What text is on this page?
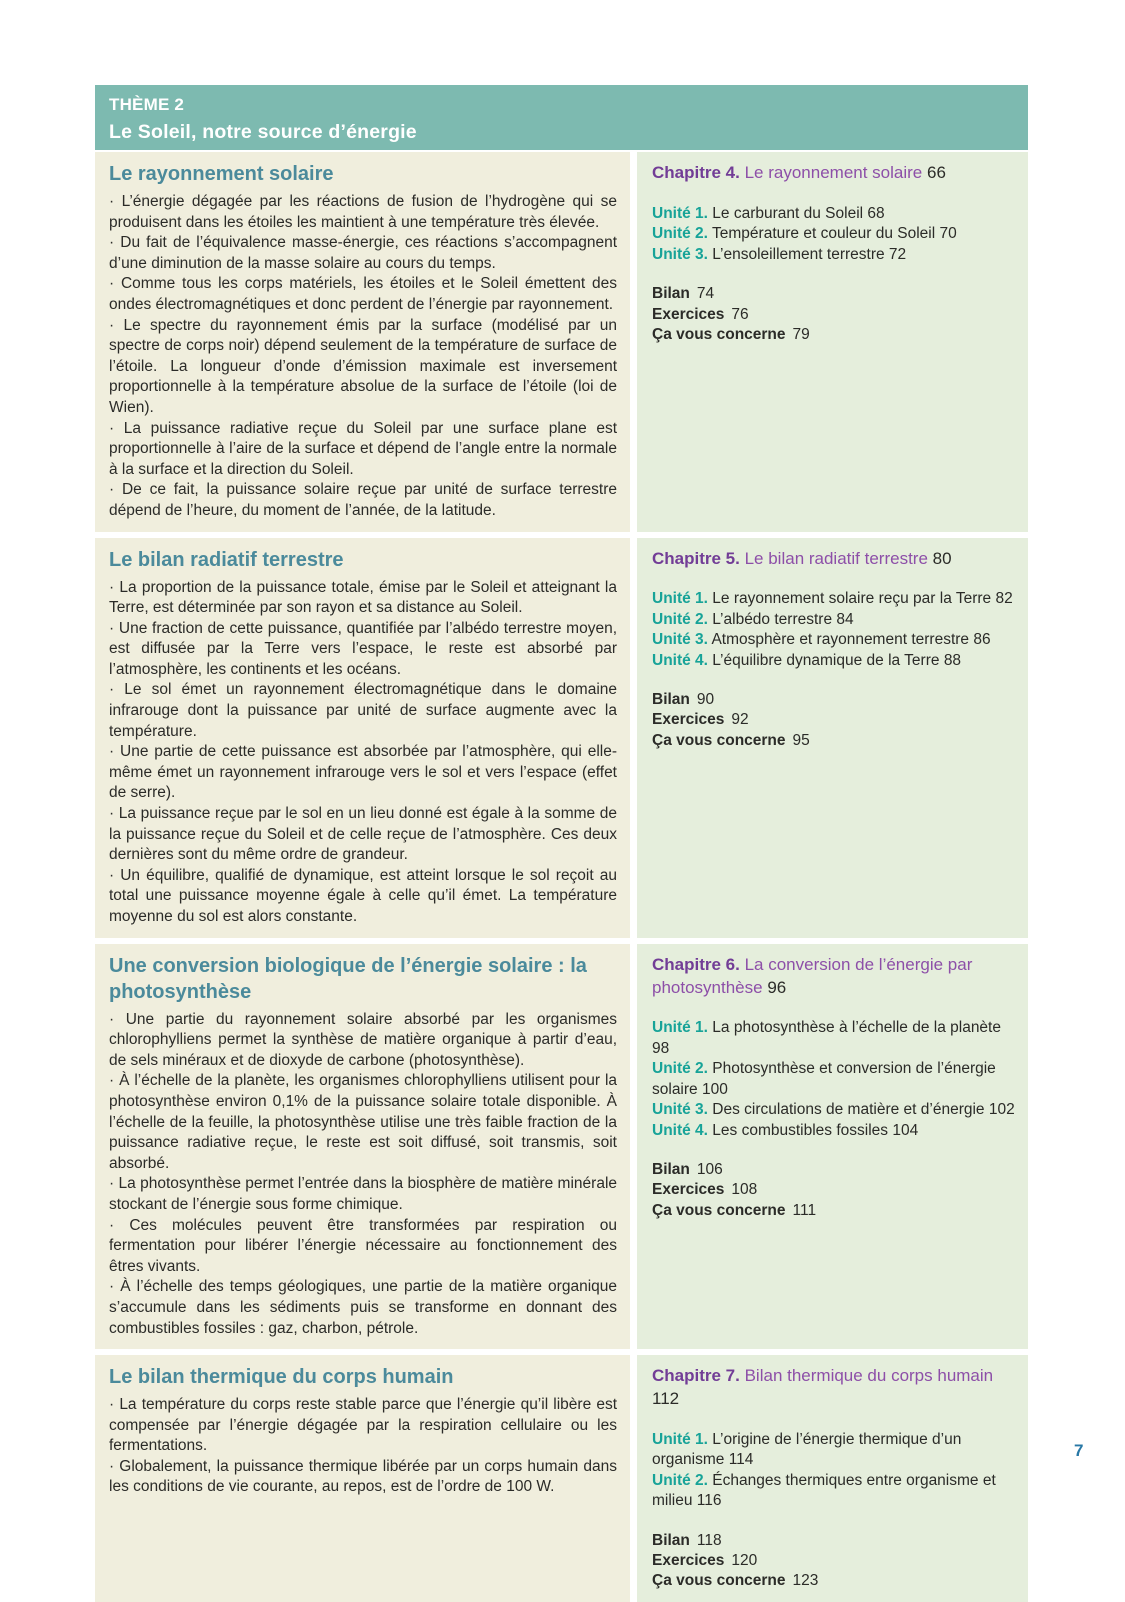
THÈME 2
Le Soleil, notre source d’énergie
Le rayonnement solaire

· L’énergie dégagée par les réactions de fusion de l’hydrogène qui se produisent dans les étoiles les maintient à une température très élevée.

· Du fait de l’équivalence masse-énergie, ces réactions s’accompagnent d’une diminution de la masse solaire au cours du temps.

· Comme tous les corps matériels, les étoiles et le Soleil émettent des ondes électromagnétiques et donc perdent de l’énergie par rayonnement.

· Le spectre du rayonnement émis par la surface (modélisé par un spectre de corps noir) dépend seulement de la température de surface de l’étoile. La longueur d’onde d’émission maximale est inversement proportionnelle à la température absolue de la surface de l’étoile (loi de Wien).

· La puissance radiative reçue du Soleil par une surface plane est proportionnelle à l’aire de la surface et dépend de l’angle entre la normale à la surface et la direction du Soleil.

· De ce fait, la puissance solaire reçue par unité de surface terrestre dépend de l’heure, du moment de l’année, de la latitude.

Chapitre 4. Le rayonnement solaire 66
Unité 1. Le carburant du Soleil 68
Unité 2. Température et couleur du Soleil 70
Unité 3. L’ensoleillement terrestre 72
Bilan 74
Exercices 76
Ça vous concerne 79
Le bilan radiatif terrestre

· La proportion de la puissance totale, émise par le Soleil et atteignant la Terre, est déterminée par son rayon et sa distance au Soleil.

· Une fraction de cette puissance, quantifiée par l’albédo terrestre moyen, est diffusée par la Terre vers l’espace, le reste est absorbé par l’atmosphère, les continents et les océans.

· Le sol émet un rayonnement électromagnétique dans le domaine infrarouge dont la puissance par unité de surface augmente avec la température.

· Une partie de cette puissance est absorbée par l’atmosphère, qui elle-même émet un rayonnement infrarouge vers le sol et vers l’espace (effet de serre).

· La puissance reçue par le sol en un lieu donné est égale à la somme de la puissance reçue du Soleil et de celle reçue de l’atmosphère. Ces deux dernières sont du même ordre de grandeur.

· Un équilibre, qualifié de dynamique, est atteint lorsque le sol reçoit au total une puissance moyenne égale à celle qu’il émet. La température moyenne du sol est alors constante.

Chapitre 5. Le bilan radiatif terrestre 80
Unité 1. Le rayonnement solaire reçu par la Terre 82
Unité 2. L’albédo terrestre 84
Unité 3. Atmosphère et rayonnement terrestre 86
Unité 4. L’équilibre dynamique de la Terre 88
Bilan 90
Exercices 92
Ça vous concerne 95
Une conversion biologique de l’énergie solaire : la photosynthèse

· Une partie du rayonnement solaire absorbé par les organismes chlorophylliens permet la synthèse de matière organique à partir d’eau, de sels minéraux et de dioxyde de carbone (photosynthèse).

· À l’échelle de la planète, les organismes chlorophylliens utilisent pour la photosynthèse environ 0,1% de la puissance solaire totale disponible. À l’échelle de la feuille, la photosynthèse utilise une très faible fraction de la puissance radiative reçue, le reste est soit diffusé, soit transmis, soit absorbé.

· La photosynthèse permet l’entrée dans la biosphère de matière minérale stockant de l’énergie sous forme chimique.

· Ces molécules peuvent être transformées par respiration ou fermentation pour libérer l’énergie nécessaire au fonctionnement des êtres vivants.

· À l’échelle des temps géologiques, une partie de la matière organique s’accumule dans les sédiments puis se transforme en donnant des combustibles fossiles : gaz, charbon, pétrole.

Chapitre 6. La conversion de l’énergie par photosynthèse 96
Unité 1. La photosynthèse à l’échelle de la planète 98
Unité 2. Photosynthèse et conversion de l’énergie solaire 100
Unité 3. Des circulations de matière et d’énergie 102
Unité 4. Les combustibles fossiles 104
Bilan 106
Exercices 108
Ça vous concerne 111
Le bilan thermique du corps humain

· La température du corps reste stable parce que l’énergie qu’il libère est compensée par l’énergie dégagée par la respiration cellulaire ou les fermentations.

· Globalement, la puissance thermique libérée par un corps humain dans les conditions de vie courante, au repos, est de l’ordre de 100 W.

Chapitre 7. Bilan thermique du corps humain 112
Unité 1. L’origine de l’énergie thermique d’un organisme 114
Unité 2. Échanges thermiques entre organisme et milieu 116
Bilan 118
Exercices 120
Ça vous concerne 123
7
